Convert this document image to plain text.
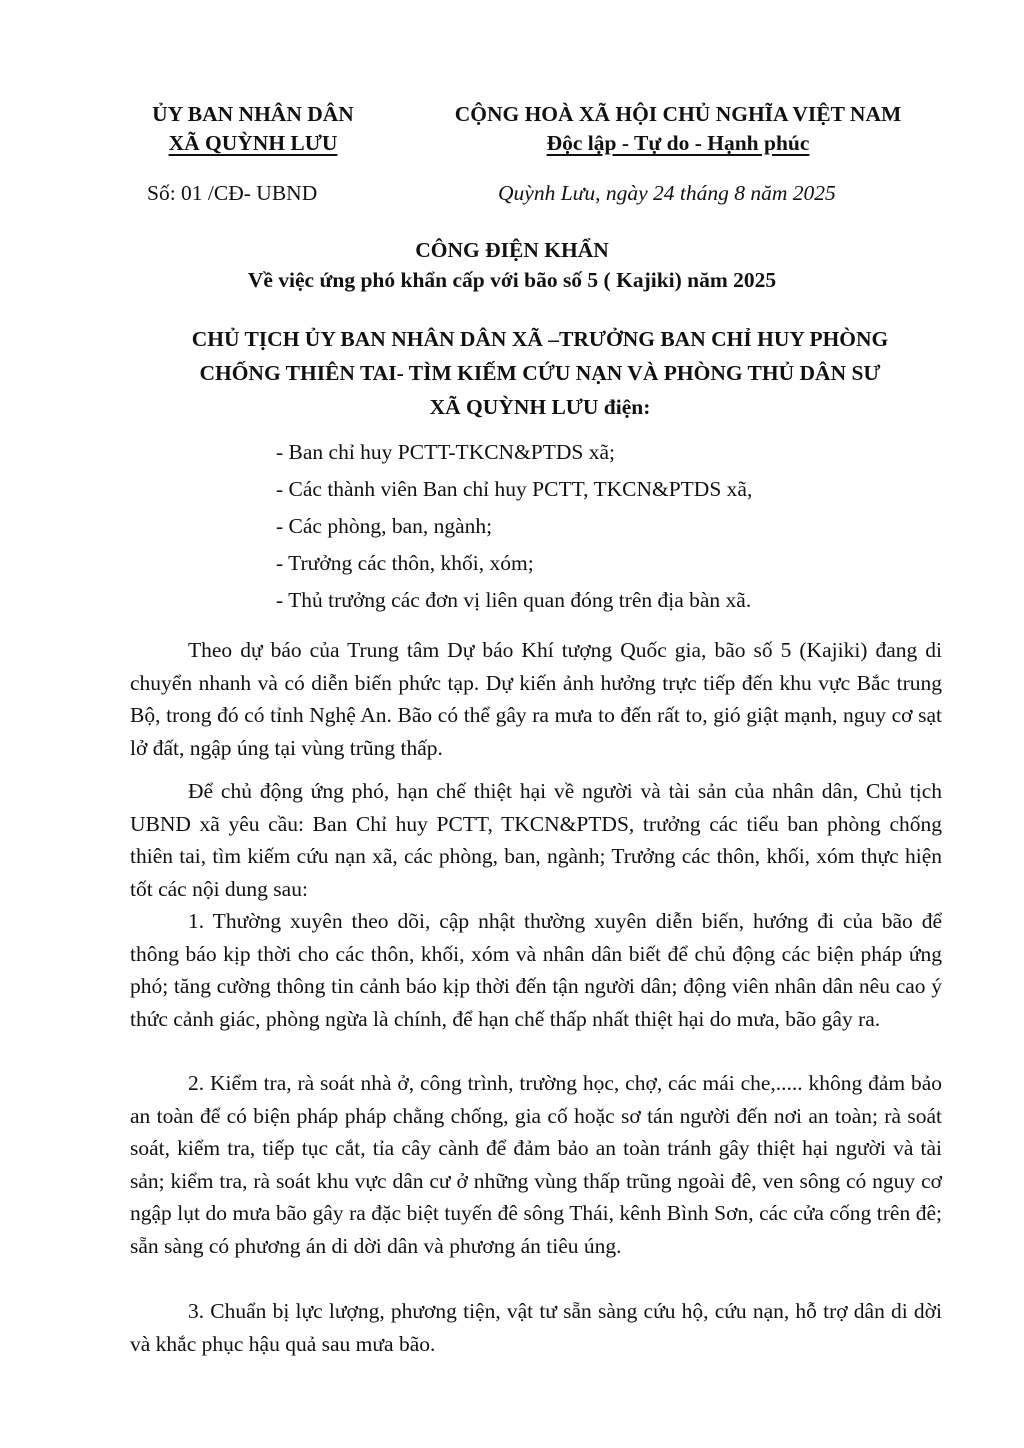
ỦY BAN NHÂN DÂN
XÃ QUỲNH LƯU
CỘNG HOÀ XÃ HỘI CHỦ NGHĨA VIỆT NAM
Độc lập - Tự do - Hạnh phúc
Số: 01 /CĐ- UBND	Quỳnh Lưu, ngày 24 tháng 8 năm 2025
CÔNG ĐIỆN KHẨN
Về việc ứng phó khẩn cấp với bão số 5 ( Kajiki) năm 2025
CHỦ TỊCH ỦY BAN NHÂN DÂN XÃ –TRƯỞNG BAN CHỈ HUY PHÒNG
CHỐNG THIÊN TAI- TÌM KIẾM CỨU NẠN VÀ PHÒNG THỦ DÂN SƯ
XÃ QUỲNH LƯU điện:
- Ban chỉ huy PCTT-TKCN&PTDS xã;
- Các thành viên Ban chỉ huy PCTT, TKCN&PTDS xã,
- Các phòng, ban, ngành;
- Trưởng các thôn, khối, xóm;
- Thủ trưởng các đơn vị liên quan đóng trên địa bàn xã.

Theo dự báo của Trung tâm Dự báo Khí tượng Quốc gia, bão số 5 (Kajiki) đang di chuyển nhanh và có diễn biến phức tạp. Dự kiến ảnh hưởng trực tiếp đến khu vực Bắc trung Bộ, trong đó có tỉnh Nghệ An. Bão có thể gây ra mưa to đến rất to, gió giật mạnh, nguy cơ sạt lở đất, ngập úng tại vùng trũng thấp.

Để chủ động ứng phó, hạn chế thiệt hại về người và tài sản của nhân dân, Chủ tịch UBND xã yêu cầu: Ban Chỉ huy PCTT, TKCN&PTDS, trưởng các tiểu ban phòng chống thiên tai, tìm kiếm cứu nạn xã, các phòng, ban, ngành; Trưởng các thôn, khối, xóm thực hiện tốt các nội dung sau:

1. Thường xuyên theo dõi, cập nhật thường xuyên diễn biến, hướng đi của bão để thông báo kịp thời cho các thôn, khối, xóm và nhân dân biết để chủ động các biện pháp ứng phó; tăng cường thông tin cảnh báo kịp thời đến tận người dân; động viên nhân dân nêu cao ý thức cảnh giác, phòng ngừa là chính, để hạn chế thấp nhất thiệt hại do mưa, bão gây ra.

2. Kiểm tra, rà soát nhà ở, công trình, trường học, chợ, các mái che,..... không đảm bảo an toàn để có biện pháp pháp chằng chống, gia cố hoặc sơ tán người đến nơi an toàn; rà soát soát, kiểm tra, tiếp tục cắt, tỉa cây cành để đảm bảo an toàn tránh gây thiệt hại người và tài sản; kiểm tra, rà soát khu vực dân cư ở những vùng thấp trũng ngoài đê, ven sông có nguy cơ ngập lụt do mưa bão gây ra đặc biệt tuyến đê sông Thái, kênh Bình Sơn, các cửa cống trên đê; sẵn sàng có phương án di dời dân và phương án tiêu úng.

3. Chuẩn bị lực lượng, phương tiện, vật tư sẵn sàng cứu hộ, cứu nạn, hỗ trợ dân di dời và khắc phục hậu quả sau mưa bão.
